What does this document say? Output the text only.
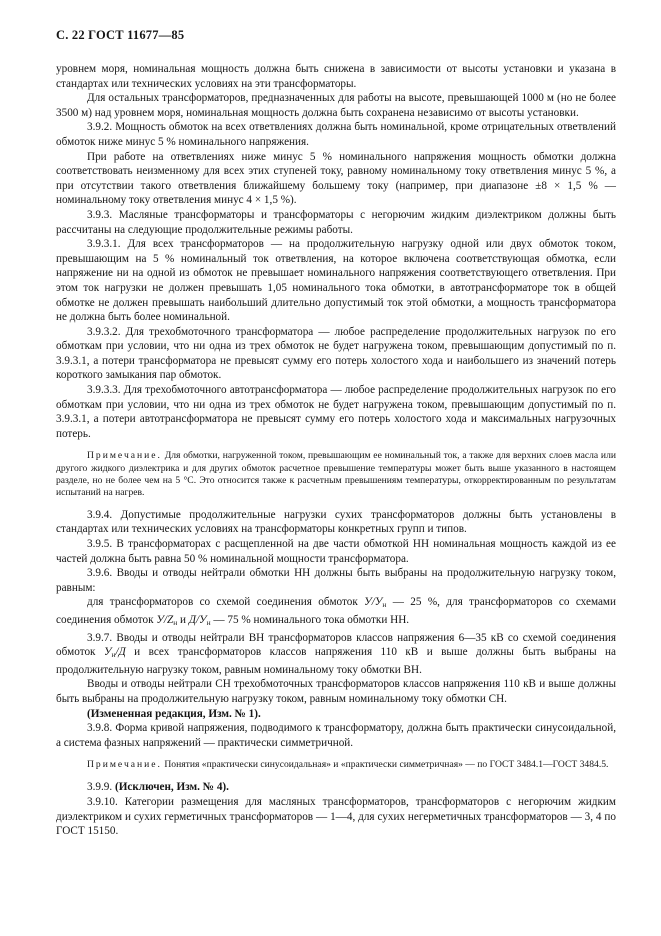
С. 22 ГОСТ 11677—85

уровнем моря, номинальная мощность должна быть снижена в зависимости от высоты установки и указана в стандартах или технических условиях на эти трансформаторы.

Для остальных трансформаторов, предназначенных для работы на высоте, превышающей 1000 м (но не более 3500 м) над уровнем моря, номинальная мощность должна быть сохранена независимо от высоты установки.

3.9.2. Мощность обмоток на всех ответвлениях должна быть номинальной, кроме отрицательных ответвлений обмоток ниже минус 5 % номинального напряжения.

При работе на ответвлениях ниже минус 5 % номинального напряжения мощность обмотки должна соответствовать неизменному для всех этих ступеней току, равному номинальному току ответвления минус 5 %, а при отсутствии такого ответвления ближайшему большему току (например, при диапазоне ±8 × 1,5 % — номинальному току ответвления минус 4 × 1,5 %).

3.9.3. Масляные трансформаторы и трансформаторы с негорючим жидким диэлектриком должны быть рассчитаны на следующие продолжительные режимы работы.

3.9.3.1. Для всех трансформаторов — на продолжительную нагрузку одной или двух обмоток током, превышающим на 5 % номинальный ток ответвления, на которое включена соответствующая обмотка, если напряжение ни на одной из обмоток не превышает номинального напряжения соответствующего ответвления. При этом ток нагрузки не должен превышать 1,05 номинального тока обмотки, в автотрансформаторе ток в общей обмотке не должен превышать наибольший длительно допустимый ток этой обмотки, а мощность трансформатора не должна быть более номинальной.

3.9.3.2. Для трехобмоточного трансформатора — любое распределение продолжительных нагрузок по его обмоткам при условии, что ни одна из трех обмоток не будет нагружена током, превышающим допустимый по п. 3.9.3.1, а потери трансформатора не превысят сумму его потерь холостого хода и наибольшего из значений потерь короткого замыкания пар обмоток.

3.9.3.3. Для трехобмоточного автотрансформатора — любое распределение продолжительных нагрузок по его обмоткам при условии, что ни одна из трех обмоток не будет нагружена током, превышающим допустимый по п. 3.9.3.1, а потери автотрансформатора не превысят сумму его потерь холостого хода и максимальных нагрузочных потерь.

Примечание. Для обмотки, нагруженной током, превышающим ее номинальный ток, а также для верхних слоев масла или другого жидкого диэлектрика и для других обмоток расчетное превышение температуры может быть выше указанного в настоящем разделе, но не более чем на 5 °С. Это относится также к расчетным превышениям температуры, откорректированным по результатам испытаний на нагрев.

3.9.4. Допустимые продолжительные нагрузки сухих трансформаторов должны быть установлены в стандартах или технических условиях на трансформаторы конкретных групп и типов.

3.9.5. В трансформаторах с расщепленной на две части обмоткой НН номинальная мощность каждой из ее частей должна быть равна 50 % номинальной мощности трансформатора.

3.9.6. Вводы и отводы нейтрали обмотки НН должны быть выбраны на продолжительную нагрузку током, равным:

для трансформаторов со схемой соединения обмоток $У/У_н$ — 25 %, для трансформаторов со схемами соединения обмоток $У/Z_н$ и $Д/У_н$ — 75 % номинального тока обмотки НН.

3.9.7. Вводы и отводы нейтрали ВН трансформаторов классов напряжения 6—35 кВ со схемой соединения обмоток $У_н/Д$ и всех трансформаторов классов напряжения 110 кВ и выше должны быть выбраны на продолжительную нагрузку током, равным номинальному току обмотки ВН.

Вводы и отводы нейтрали СН трехобмоточных трансформаторов классов напряжения 110 кВ и выше должны быть выбраны на продолжительную нагрузку током, равным номинальному току обмотки СН.

(Измененная редакция, Изм. № 1).

3.9.8. Форма кривой напряжения, подводимого к трансформатору, должна быть практически синусоидальной, а система фазных напряжений — практически симметричной.

Примечание. Понятия «практически синусоидальная» и «практически симметричная» — по ГОСТ 3484.1—ГОСТ 3484.5.

3.9.9. (Исключен, Изм. № 4).

3.9.10. Категории размещения для масляных трансформаторов, трансформаторов с негорючим жидким диэлектриком и сухих герметичных трансформаторов — 1—4, для сухих негерметичных трансформаторов — 3, 4 по ГОСТ 15150.
